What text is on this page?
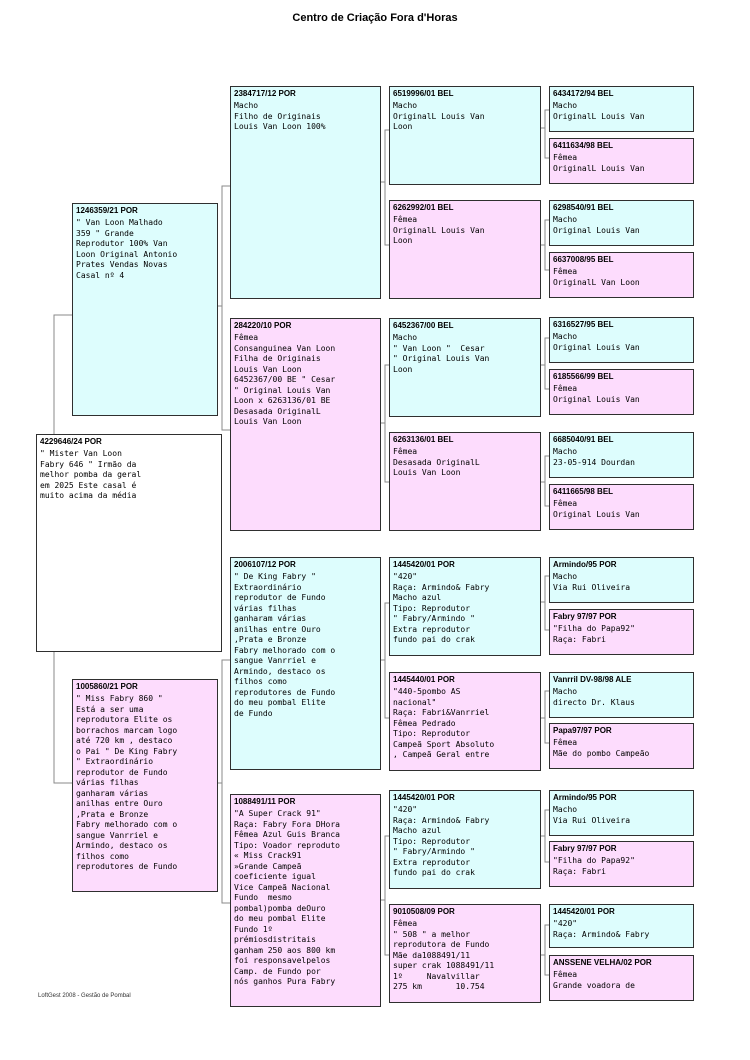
Centro de Criação Fora d'Horas
4229646/24 POR
" Mister Van Loon
Fabry 646 " Irmão da
melhor pomba da geral
em 2025 Este casal é
muito acima da média
1246359/21 POR
" Van Loon Malhado
359 " Grande
Reprodutor 100% Van
Loon Original Antonio
Prates Vendas Novas
Casal nº 4
1005860/21 POR
" Miss Fabry 860 "
Está a ser uma
reprodutora Elite os
borrachos marcam logo
até 720 km , destaco
o Pai " De King Fabry
" Extraordinário
reprodutor de Fundo
várias filhas
ganharam várias
anilhas entre Ouro
,Prata e Bronze
Fabry melhorado com o
sangue Vanrriel e
Armindo, destaco os
filhos como
reprodutores de Fundo
2384717/12 POR
Macho
Filho de Originais
Louis Van Loon 100%
284220/10 POR
Fêmea
Consanguinea Van Loon
Filha de Originais
Louis Van Loon
6452367/00 BE " Cesar
" Original Louis Van
Loon x 6263136/01 BE
Desasada OriginalL
Louis Van Loon
2006107/12 POR
" De King Fabry "
Extraordinário
reprodutor de Fundo
várias filhas
ganharam várias
anilhas entre Ouro
,Prata e Bronze
Fabry melhorado com o
sangue Vanrriel e
Armindo, destaco os
filhos como
reprodutores de Fundo
do meu pombal Elite
de Fundo
1088491/11 POR
"A Super Crack 91"
Raça: Fabry Fora DHora
Fêmea Azul Guis Branca
Tipo: Voador reproduto
« Miss Crack91
»Grande Campeã
coeficiente igual
Vice Campeã Nacional
Fundo  mesmo
pombal)pomba deOuro
do meu pombal Elite
Fundo 1º
prémiosdistritais
ganham 250 aos 800 km
foi responsavelpelos
Camp. de Fundo por
nós ganhos Pura Fabry
6519996/01 BEL
Macho
OriginalL Louis Van
Loon
6262992/01 BEL
Fêmea
OriginalL Louis Van
Loon
6452367/00 BEL
Macho
" Van Loon "  Cesar
" Original Louis Van
Loon
6263136/01 BEL
Fêmea
Desasada OriginalL
Louis Van Loon
1445420/01 POR
"420"
Raça: Armindo& Fabry
Macho azul
Tipo: Reprodutor
" Fabry/Armindo "
Extra reprodutor
fundo pai do crak
1445440/01 POR
"440-5pombo AS
nacional"
Raça: Fabri&Vanrriel
Fêmea Pedrado
Tipo: Reprodutor
Campeã Sport Absoluto
, Campeã Geral entre
1445420/01 POR
"420"
Raça: Armindo& Fabry
Macho azul
Tipo: Reprodutor
" Fabry/Armindo "
Extra reprodutor
fundo pai do crak
9010508/09 POR
Fêmea
" 508 " a melhor
reprodutora de Fundo
Mãe da1088491/11
super crak 1088491/11
1º     Navalvillar
275 km       10.754
6434172/94 BEL
Macho
OriginalL Louis Van
6411634/98 BEL
Fêmea
OriginalL Louis Van
6298540/91 BEL
Macho
Original Louis Van
6637008/95 BEL
Fêmea
OriginalL Van Loon
6316527/95 BEL
Macho
Original Louis Van
6185566/99 BEL
Fêmea
Original Louis Van
6685040/91 BEL
Macho
23-05-914 Dourdan
6411665/98 BEL
Fêmea
Original Louis Van
Armindo/95 POR
Macho
Via Rui Oliveira
Fabry 97/97 POR
"Filha do Papa92"
Raça: Fabri
Vanrril DV-98/98 ALE
Macho
directo Dr. Klaus
Papa97/97 POR
Fêmea
Mãe do pombo Campeão
Armindo/95 POR
Macho
Via Rui Oliveira
Fabry 97/97 POR
"Filha do Papa92"
Raça: Fabri
1445420/01 POR
"420"
Raça: Armindo& Fabry
ANSSENE VELHA/02 POR
Fêmea
Grande voadora de
LoftGest 2008 - Gestão de Pombal
